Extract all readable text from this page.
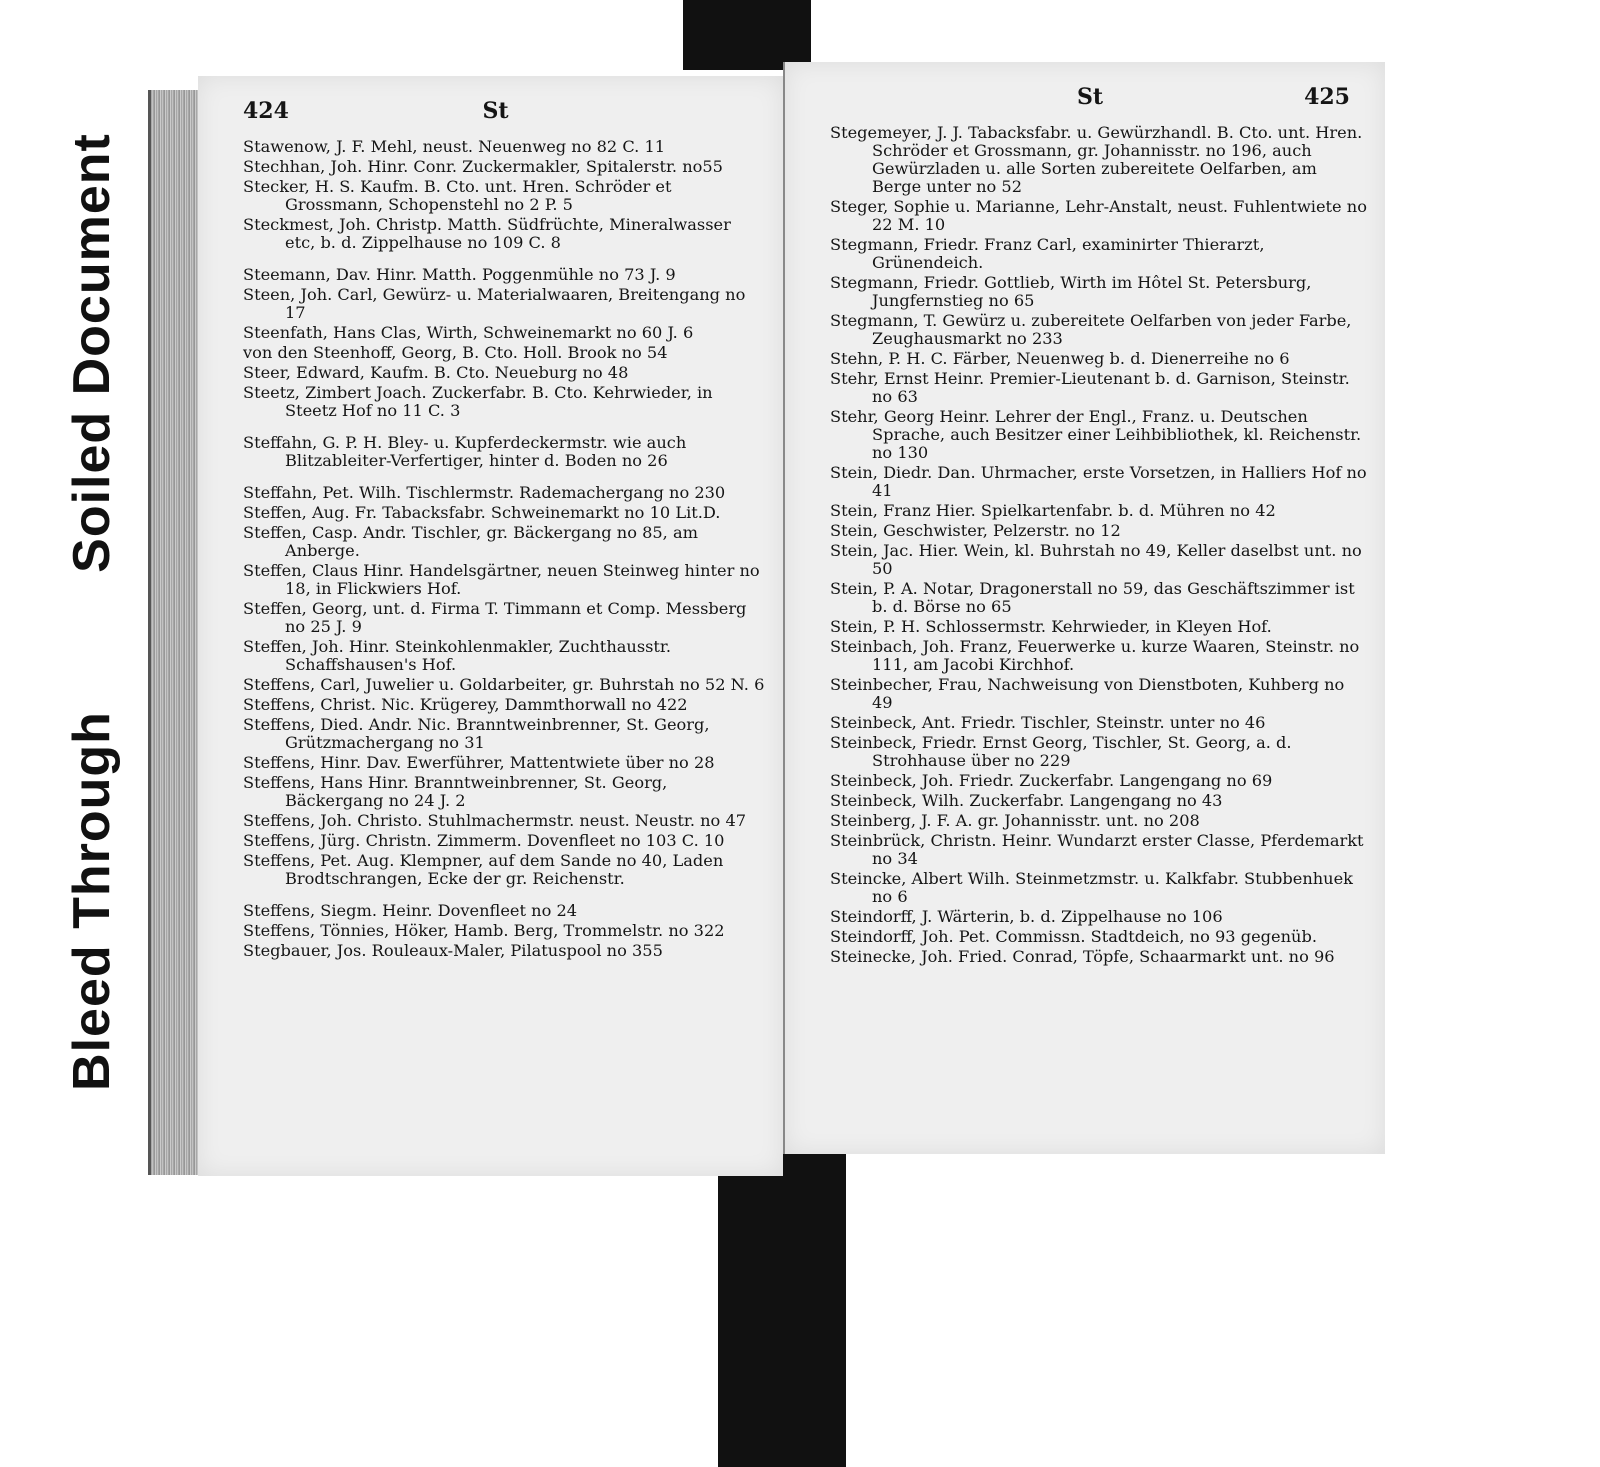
Soiled Document
Bleed Through
424	St
Stawenow, J. F. Mehl, neust. Neuenweg no 82 C. 11
Stechhan, Joh. Hinr. Conr. Zuckermakler, Spitalerstr. no55
Stecker, H. S. Kaufm. B. Cto. unt. Hren. Schröder et Grossmann, Schopenstehl no 2 P. 5
Steckmest, Joh. Christp. Matth. Südfrüchte, Mineralwasser etc, b. d. Zippelhause no 109 C. 8
Steemann, Dav. Hinr. Matth. Poggenmühle no 73 J. 9
Steen, Joh. Carl, Gewürz- u. Materialwaaren, Breitengang no 17
Steenfath, Hans Clas, Wirth, Schweinemarkt no 60 J. 6
von den Steenhoff, Georg, B. Cto. Holl. Brook no 54
Steer, Edward, Kaufm. B. Cto. Neueburg no 48
Steetz, Zimbert Joach. Zuckerfabr. B. Cto. Kehrwieder, in Steetz Hof no 11 C. 3
Steffahn, G. P. H. Bley- u. Kupferdeckermstr. wie auch Blitzableiter-Verfertiger, hinter d. Boden no 26
Steffahn, Pet. Wilh. Tischlermstr. Rademachergang no 230
Steffen, Aug. Fr. Tabacksfabr. Schweinemarkt no 10 Lit.D.
Steffen, Casp. Andr. Tischler, gr. Bäckergang no 85, am Anberge.
Steffen, Claus Hinr. Handelsgärtner, neuen Steinweg hinter no 18, in Flickwiers Hof.
Steffen, Georg, unt. d. Firma T. Timmann et Comp. Messberg no 25 J. 9
Steffen, Joh. Hinr. Steinkohlenmakler, Zuchthausstr. Schaffshausen's Hof.
Steffens, Carl, Juwelier u. Goldarbeiter, gr. Buhrstah no 52 N. 6
Steffens, Christ. Nic. Krügerey, Dammthorwall no 422
Steffens, Died. Andr. Nic. Branntweinbrenner, St. Georg, Grützmachergang no 31
Steffens, Hinr. Dav. Ewerführer, Mattentwiete über no 28
Steffens, Hans Hinr. Branntweinbrenner, St. Georg, Bäckergang no 24 J. 2
Steffens, Joh. Christo. Stuhlmachermstr. neust. Neustr. no 47
Steffens, Jürg. Christn. Zimmerm. Dovenfleet no 103 C. 10
Steffens, Pet. Aug. Klempner, auf dem Sande no 40, Laden Brodtschrangen, Ecke der gr. Reichenstr.
Steffens, Siegm. Heinr. Dovenfleet no 24
Steffens, Tönnies, Höker, Hamb. Berg, Trommelstr. no 322
Stegbauer, Jos. Rouleaux-Maler, Pilatuspool no 355
St	425
Stegemeyer, J. J. Tabacksfabr. u. Gewürzhandl. B. Cto. unt. Hren. Schröder et Grossmann, gr. Johannisstr. no 196, auch Gewürzladen u. alle Sorten zubereitete Oelfarben, am Berge unter no 52
Steger, Sophie u. Marianne, Lehr-Anstalt, neust. Fuhlentwiete no 22 M. 10
Stegmann, Friedr. Franz Carl, examinirter Thierarzt, Grünendeich.
Stegmann, Friedr. Gottlieb, Wirth im Hôtel St. Petersburg, Jungfernstieg no 65
Stegmann, T. Gewürz u. zubereitete Oelfarben von jeder Farbe, Zeughausmarkt no 233
Stehn, P. H. C. Färber, Neuenweg b. d. Dienerreihe no 6
Stehr, Ernst Heinr. Premier-Lieutenant b. d. Garnison, Steinstr. no 63
Stehr, Georg Heinr. Lehrer der Engl., Franz. u. Deutschen Sprache, auch Besitzer einer Leihbibliothek, kl. Reichenstr. no 130
Stein, Diedr. Dan. Uhrmacher, erste Vorsetzen, in Halliers Hof no 41
Stein, Franz Hier. Spielkartenfabr. b. d. Mühren no 42
Stein, Geschwister, Pelzerstr. no 12
Stein, Jac. Hier. Wein, kl. Buhrstah no 49, Keller daselbst unt. no 50
Stein, P. A. Notar, Dragonerstall no 59, das Geschäftszimmer ist b. d. Börse no 65
Stein, P. H. Schlossermstr. Kehrwieder, in Kleyen Hof.
Steinbach, Joh. Franz, Feuerwerke u. kurze Waaren, Steinstr. no 111, am Jacobi Kirchhof.
Steinbecher, Frau, Nachweisung von Dienstboten, Kuhberg no 49
Steinbeck, Ant. Friedr. Tischler, Steinstr. unter no 46
Steinbeck, Friedr. Ernst Georg, Tischler, St. Georg, a. d. Strohhause über no 229
Steinbeck, Joh. Friedr. Zuckerfabr. Langengang no 69
Steinbeck, Wilh. Zuckerfabr. Langengang no 43
Steinberg, J. F. A. gr. Johannisstr. unt. no 208
Steinbrück, Christn. Heinr. Wundarzt erster Classe, Pferdemarkt no 34
Steincke, Albert Wilh. Steinmetzmstr. u. Kalkfabr. Stubbenhuek no 6
Steindorff, J. Wärterin, b. d. Zippelhause no 106
Steindorff, Joh. Pet. Commissn. Stadtdeich, no 93 gegenüb.
Steinecke, Joh. Fried. Conrad, Töpfe, Schaarmarkt unt. no 96
